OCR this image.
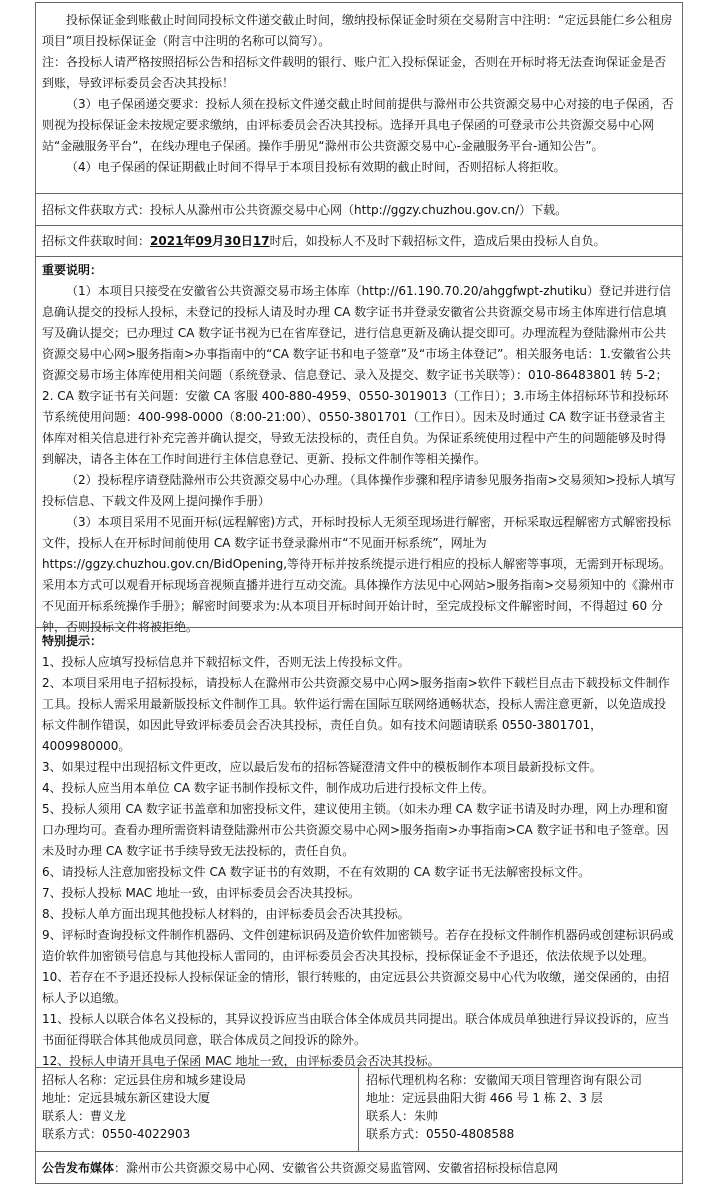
投标保证金到账截止时间同投标文件递交截止时间，缴纳投标保证金时须在交易附言中注明：“定远县能仁乡公租房项目”项目投标保证金（附言中注明的名称可以简写）。

注：各投标人请严格按照招标公告和招标文件载明的银行、账户汇入投标保证金，否则在开标时将无法查询保证金是否到账，导致评标委员会否决其投标！

（3）电子保函递交要求：投标人须在投标文件递交截止时间前提供与滁州市公共资源交易中心对接的电子保函，否则视为投标保证金未按规定要求缴纳，由评标委员会否决其投标。选择开具电子保函的可登录市公共资源交易中心网站“金融服务平台”，在线办理电子保函。操作手册见“滁州市公共资源交易中心-金融服务平台-通知公告”。

（4）电子保函的保证期截止时间不得早于本项目投标有效期的截止时间，否则招标人将拒收。

招标文件获取方式：投标人从滁州市公共资源交易中心网（http://ggzy.chuzhou.gov.cn/）下载。

招标文件获取时间：2021年09月30日17时后，如投标人不及时下载招标文件，造成后果由投标人自负。

重要说明：

（1）本项目只接受在安徽省公共资源交易市场主体库（http://61.190.70.20/ahggfwpt-zhutiku）登记并进行信息确认提交的投标人投标，未登记的投标人请及时办理 CA 数字证书并登录安徽省公共资源交易市场主体库进行信息填写及确认提交；已办理过 CA 数字证书视为已在省库登记，进行信息更新及确认提交即可。办理流程为登陆滁州市公共资源交易中心网>服务指南>办事指南中的“CA 数字证书和电子签章”及“市场主体登记”。相关服务电话：1.安徽省公共资源交易市场主体库使用相关问题（系统登录、信息登记、录入及提交、数字证书关联等）：010-86483801 转 5-2；2. CA 数字证书有关问题：安徽 CA 客服 400-880-4959、0550-3019013（工作日）；3.市场主体招标环节和投标环节系统使用问题：400-998-0000（8:00-21:00）、0550-3801701（工作日）。因未及时通过 CA 数字证书登录省主体库对相关信息进行补充完善并确认提交，导致无法投标的，责任自负。为保证系统使用过程中产生的问题能够及时得到解决，请各主体在工作时间进行主体信息登记、更新、投标文件制作等相关操作。

（2）投标程序请登陆滁州市公共资源交易中心办理。（具体操作步骤和程序请参见服务指南>交易须知>投标人填写投标信息、下载文件及网上提问操作手册）

（3）本项目采用不见面开标(远程解密)方式，开标时投标人无须至现场进行解密，开标采取远程解密方式解密投标文件，投标人在开标时间前使用 CA 数字证书登录滁州市“不见面开标系统”，网址为 https://ggzy.chuzhou.gov.cn/BidOpening,等待开标并按系统提示进行相应的投标人解密等事项，无需到开标现场。采用本方式可以观看开标现场音视频直播并进行互动交流。具体操作方法见中心网站>服务指南>交易须知中的《滁州市不见面开标系统操作手册》；解密时间要求为:从本项目开标时间开始计时，至完成投标文件解密时间，不得超过 60 分钟，否则投标文件将被拒绝。

特别提示：

1、投标人应填写投标信息并下载招标文件，否则无法上传投标文件。

2、本项目采用电子招标投标，请投标人在滁州市公共资源交易中心网>服务指南>软件下载栏目点击下载投标文件制作工具。投标人需采用最新版投标文件制作工具。软件运行需在国际互联网络通畅状态，投标人需注意更新，以免造成投标文件制作错误，如因此导致评标委员会否决其投标，责任自负。如有技术问题请联系 0550-3801701，4009980000。

3、如果过程中出现招标文件更改，应以最后发布的招标答疑澄清文件中的模板制作本项目最新投标文件。

4、投标人应当用本单位 CA 数字证书制作投标文件，制作成功后进行投标文件上传。

5、投标人须用 CA 数字证书盖章和加密投标文件，建议使用主锁。（如未办理 CA 数字证书请及时办理，网上办理和窗口办理均可。查看办理所需资料请登陆滁州市公共资源交易中心网>服务指南>办事指南>CA 数字证书和电子签章。因未及时办理 CA 数字证书手续导致无法投标的，责任自负。

6、请投标人注意加密投标文件 CA 数字证书的有效期，不在有效期的 CA 数字证书无法解密投标文件。

7、投标人投标 MAC 地址一致，由评标委员会否决其投标。

8、投标人单方面出现其他投标人材料的，由评标委员会否决其投标。

9、评标时查询投标文件制作机器码、文件创建标识码及造价软件加密锁号。若存在投标文件制作机器码或创建标识码或造价软件加密锁号信息与其他投标人雷同的，由评标委员会否决其投标，投标保证金不予退还，依法依规予以处理。

10、若存在不予退还投标人投标保证金的情形，银行转账的，由定远县公共资源交易中心代为收缴，递交保函的，由招标人予以追缴。

11、投标人以联合体名义投标的，其异议投诉应当由联合体全体成员共同提出。联合体成员单独进行异议投诉的，应当书面征得联合体其他成员同意，联合体成员之间投诉的除外。

12、投标人申请开具电子保函 MAC 地址一致，由评标委员会否决其投标。

招标人名称：定远县住房和城乡建设局

地址：定远县城东新区建设大厦

联系人：曹义龙

联系方式：0550-4022903

招标代理机构名称：安徽闻天项目管理咨询有限公司

地址：定远县曲阳大街 466 号 1 栋 2、3 层

联系人：朱帅

联系方式：0550-4808588

公告发布媒体：滁州市公共资源交易中心网、安徽省公共资源交易监管网、安徽省招标投标信息网
